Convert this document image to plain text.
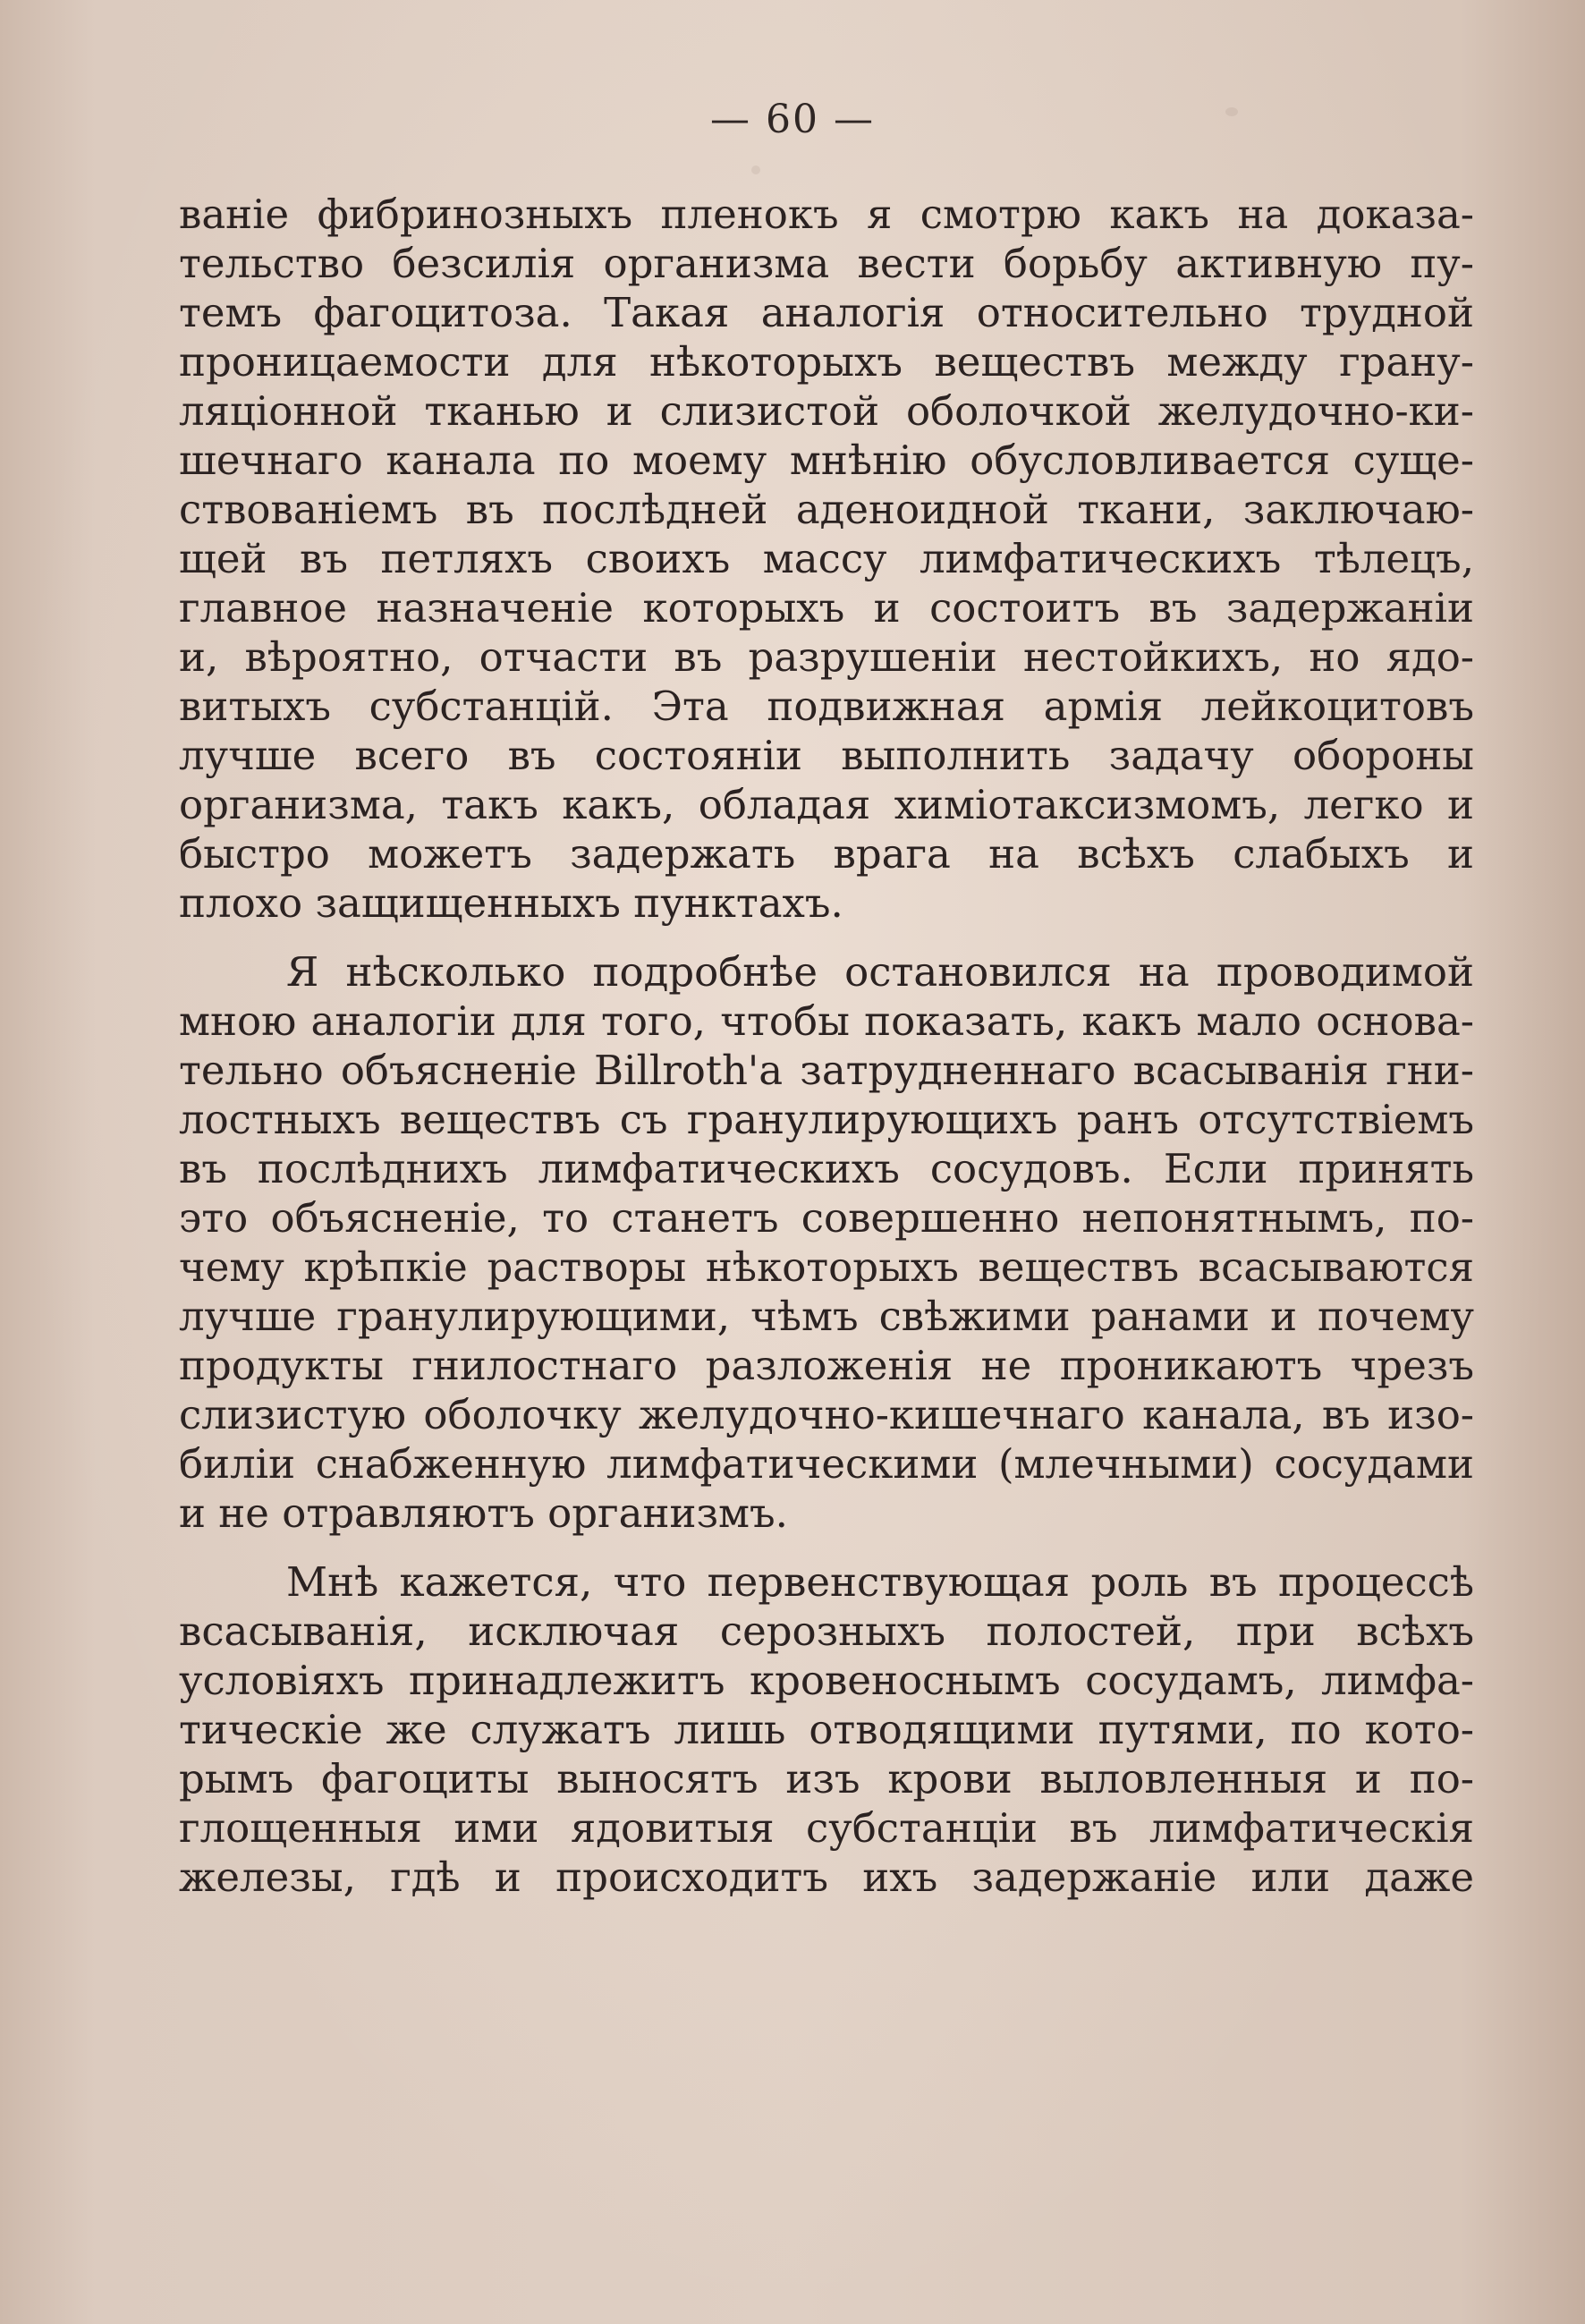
— 60 —
ваніе фибринозныхъ пленокъ я смотрю какъ на доказа-
тельство безсилія организма вести борьбу активную пу-
темъ фагоцитоза. Такая аналогія относительно трудной
проницаемости для нѣкоторыхъ веществъ между грану-
ляціонной тканью и слизистой оболочкой желудочно-ки-
шечнаго канала по моему мнѣнію обусловливается суще-
ствованіемъ въ послѣдней аденоидной ткани, заключаю-
щей въ петляхъ своихъ массу лимфатическихъ тѣлецъ,
главное назначеніе которыхъ и состоитъ въ задержаніи
и, вѣроятно, отчасти въ разрушеніи нестойкихъ, но ядо-
витыхъ субстанцій. Эта подвижная армія лейкоцитовъ
лучше всего въ состояніи выполнить задачу обороны
организма, такъ какъ, обладая химіотаксизмомъ, легко и
быстро можетъ задержать врага на всѣхъ слабыхъ и
плохо защищенныхъ пунктахъ.
Я нѣсколько подробнѣе остановился на проводимой
мною аналогіи для того, чтобы показать, какъ мало основа-
тельно объясненіе Billroth'a затрудненнаго всасыванія гни-
лостныхъ веществъ съ гранулирующихъ ранъ отсутствіемъ
въ послѣднихъ лимфатическихъ сосудовъ. Если принять
это объясненіе, то станетъ совершенно непонятнымъ, по-
чему крѣпкіе растворы нѣкоторыхъ веществъ всасываются
лучше гранулирующими, чѣмъ свѣжими ранами и почему
продукты гнилостнаго разложенія не проникаютъ чрезъ
слизистую оболочку желудочно-кишечнаго канала, въ изо-
биліи снабженную лимфатическими (млечными) сосудами
и не отравляютъ организмъ.
Мнѣ кажется, что первенствующая роль въ процессѣ
всасыванія, исключая серозныхъ полостей, при всѣхъ
условіяхъ принадлежитъ кровеноснымъ сосудамъ, лимфа-
тическіе же служатъ лишь отводящими путями, по кото-
рымъ фагоциты выносятъ изъ крови выловленныя и по-
глощенныя ими ядовитыя субстанціи въ лимфатическія
железы, гдѣ и происходитъ ихъ задержаніе или даже
